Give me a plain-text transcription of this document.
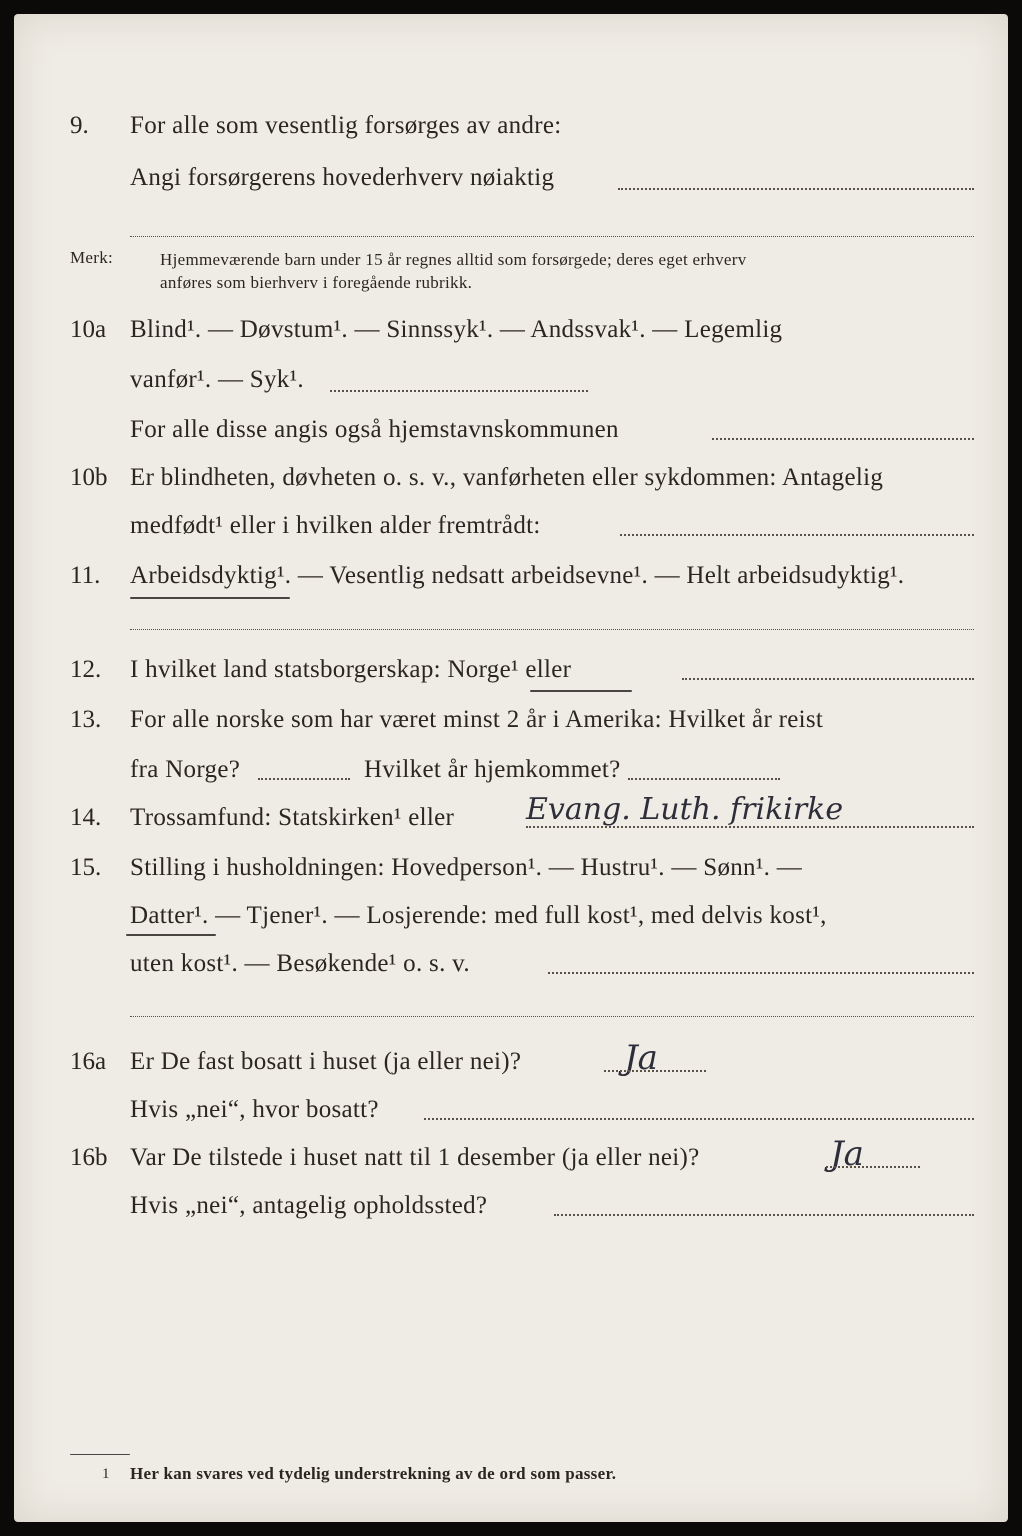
9. For alle som vesentlig forsørges av andre:
Angi forsørgerens hovederhverv nøiaktig
Merk:	Hjemmeværende barn under 15 år regnes alltid som forsørgede; deres eget erhverv
anføres som bierhverv i foregående rubrikk.
10a Blind¹. — Døvstum¹. — Sinnssyk¹. — Andssvak¹. — Legemlig
vanfør¹. — Syk¹.
For alle disse angis også hjemstavnskommunen
10b Er blindheten, døvheten o. s. v., vanførheten eller sykdommen: Antagelig
medfødt¹ eller i hvilken alder fremtrådt:
11. Arbeidsdyktig¹. — Vesentlig nedsatt arbeidsevne¹. — Helt arbeidsudyktig¹.
12. I hvilket land statsborgerskap: Norge¹ eller
13. For alle norske som har været minst 2 år i Amerika: Hvilket år reist
fra Norge?	Hvilket år hjemkommet?
14. Trossamfund: Statskirken¹ eller Evang. Luth. frikirke
15. Stilling i husholdningen: Hovedperson¹. — Hustru¹. — Sønn¹. —
Datter¹. — Tjener¹. — Losjerende: med full kost¹, med delvis kost¹,
uten kost¹. — Besøkende¹ o. s. v.
16a Er De fast bosatt i huset (ja eller nei)?	Ja
Hvis „nei“, hvor bosatt?
16b Var De tilstede i huset natt til 1 desember (ja eller nei)?	Ja
Hvis „nei“, antagelig opholdssted?
1 Her kan svares ved tydelig understrekning av de ord som passer.
